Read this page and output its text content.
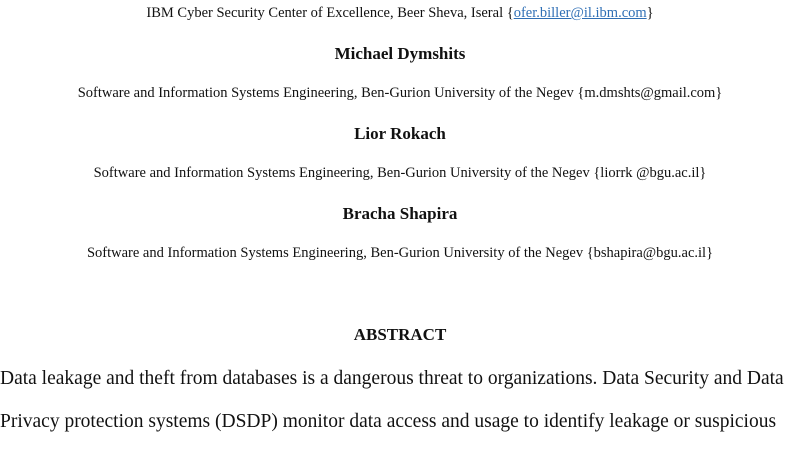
IBM Cyber Security Center of Excellence, Beer Sheva, Iseral {ofer.biller@il.ibm.com}
Michael Dymshits
Software and Information Systems Engineering, Ben-Gurion University of the Negev {m.dmshts@gmail.com}
Lior Rokach
Software and Information Systems Engineering, Ben-Gurion University of the Negev {liorrk @bgu.ac.il}
Bracha Shapira
Software and Information Systems Engineering, Ben-Gurion University of the Negev {bshapira@bgu.ac.il}
ABSTRACT
Data leakage and theft from databases is a dangerous threat to organizations. Data Security and Data
Privacy protection systems (DSDP) monitor data access and usage to identify leakage or suspicious
